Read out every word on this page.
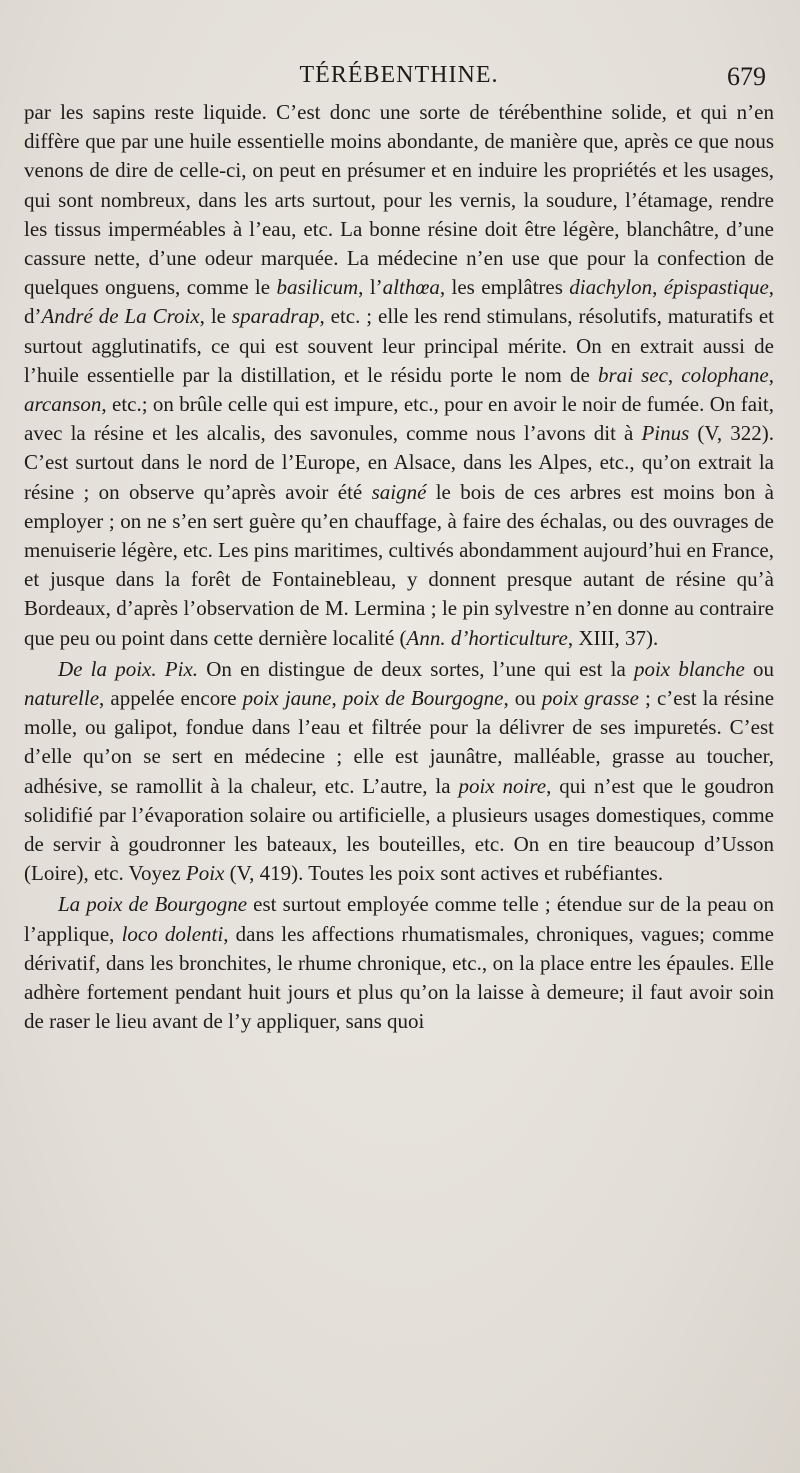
TÉRÉBENTHINE.	679

par les sapins reste liquide. C’est donc une sorte de térébenthine solide, et qui n’en diffère que par une huile essentielle moins abondante, de manière que, après ce que nous venons de dire de celle-ci, on peut en présumer et en induire les propriétés et les usages, qui sont nombreux, dans les arts surtout, pour les vernis, la soudure, l’étamage, rendre les tissus imperméables à l’eau, etc. La bonne résine doit être légère, blanchâtre, d’une cassure nette, d’une odeur marquée. La médecine n’en use que pour la confection de quelques onguens, comme le basilicum, l’althœa, les emplâtres diachylon, épispastique, d’André de La Croix, le sparadrap, etc. ; elle les rend stimulans, résolutifs, maturatifs et surtout agglutinatifs, ce qui est souvent leur principal mérite. On en extrait aussi de l’huile essentielle par la distillation, et le résidu porte le nom de brai sec, colophane, arcanson, etc.; on brûle celle qui est impure, etc., pour en avoir le noir de fumée. On fait, avec la résine et les alcalis, des savonules, comme nous l’avons dit à Pinus (V, 322). C’est surtout dans le nord de l’Europe, en Alsace, dans les Alpes, etc., qu’on extrait la résine ; on observe qu’après avoir été saigné le bois de ces arbres est moins bon à employer ; on ne s’en sert guère qu’en chauffage, à faire des échalas, ou des ouvrages de menuiserie légère, etc. Les pins maritimes, cultivés abondamment aujourd’hui en France, et jusque dans la forêt de Fontainebleau, y donnent presque autant de résine qu’à Bordeaux, d’après l’observation de M. Lermina ; le pin sylvestre n’en donne au contraire que peu ou point dans cette dernière localité (Ann. d’horticulture, XIII, 37).

De la poix. Pix. On en distingue de deux sortes, l’une qui est la poix blanche ou naturelle, appelée encore poix jaune, poix de Bourgogne, ou poix grasse ; c’est la résine molle, ou galipot, fondue dans l’eau et filtrée pour la délivrer de ses impuretés. C’est d’elle qu’on se sert en médecine ; elle est jaunâtre, malléable, grasse au toucher, adhésive, se ramollit à la chaleur, etc. L’autre, la poix noire, qui n’est que le goudron solidifié par l’évaporation solaire ou artificielle, a plusieurs usages domestiques, comme de servir à goudronner les bateaux, les bouteilles, etc. On en tire beaucoup d’Usson (Loire), etc. Voyez Poix (V, 419). Toutes les poix sont actives et rubéfiantes.

La poix de Bourgogne est surtout employée comme telle ; étendue sur de la peau on l’applique, loco dolenti, dans les affections rhumatismales, chroniques, vagues; comme dérivatif, dans les bronchites, le rhume chronique, etc., on la place entre les épaules. Elle adhère fortement pendant huit jours et plus qu’on la laisse à demeure; il faut avoir soin de raser le lieu avant de l’y appliquer, sans quoi
